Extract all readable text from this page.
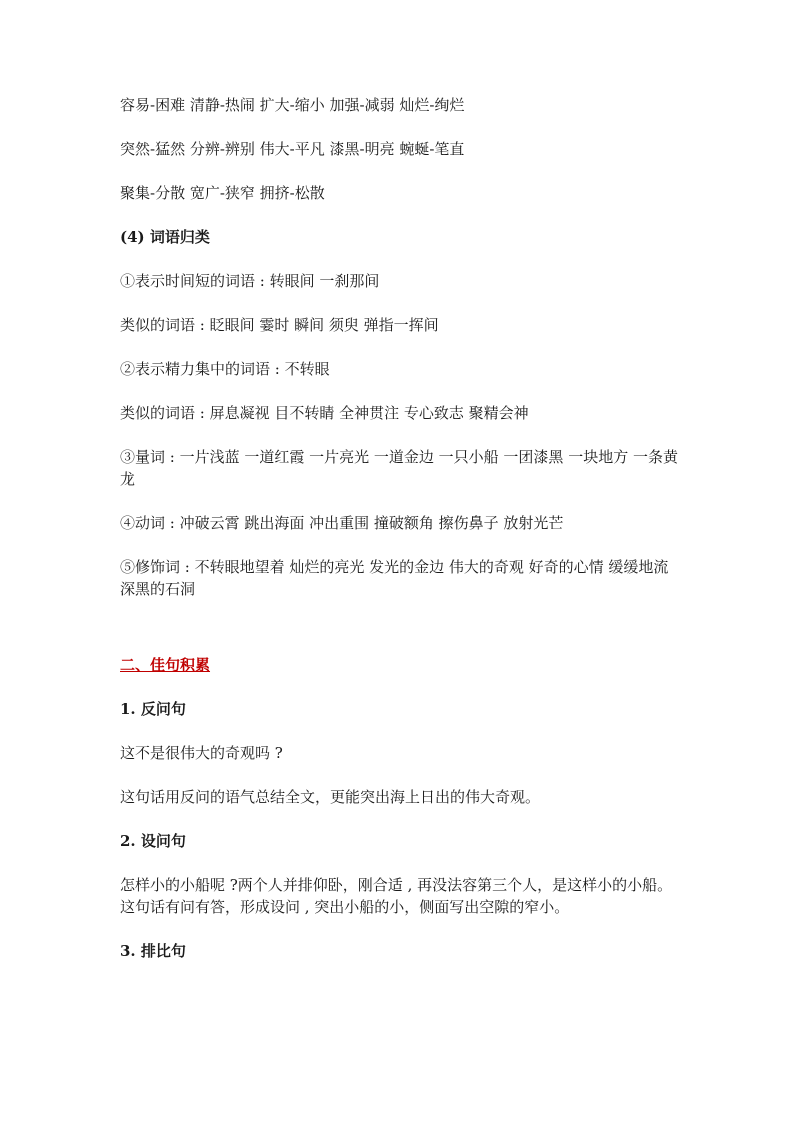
容易-困难 清静-热闹 扩大-缩小 加强-减弱 灿烂-绚烂

突然-猛然 分辨-辨别 伟大-平凡 漆黑-明亮 蜿蜒-笔直

聚集-分散 宽广-狭窄 拥挤-松散

(4) 词语归类

①表示时间短的词语 : 转眼间 一刹那间

类似的词语 : 眨眼间 霎时 瞬间 须臾 弹指一挥间

②表示精力集中的词语 : 不转眼

类似的词语 : 屏息凝视 目不转睛 全神贯注 专心致志 聚精会神

③量词 : 一片浅蓝 一道红霞 一片亮光 一道金边 一只小船 一团漆黑 一块地方 一条黄龙

④动词 : 冲破云霄 跳出海面 冲出重围 撞破额角 擦伤鼻子 放射光芒

⑤修饰词 : 不转眼地望着 灿烂的亮光 发光的金边 伟大的奇观 好奇的心情 缓缓地流 深黑的石洞

二、佳句积累

1. 反问句

这不是很伟大的奇观吗 ?

这句话用反问的语气总结全文，更能突出海上日出的伟大奇观。

2. 设问句

怎样小的小船呢 ?两个人并排仰卧，刚合适 , 再没法容第三个人，是这样小的小船。 这句话有问有答，形成设问 , 突出小船的小，侧面写出空隙的窄小。

3. 排比句
